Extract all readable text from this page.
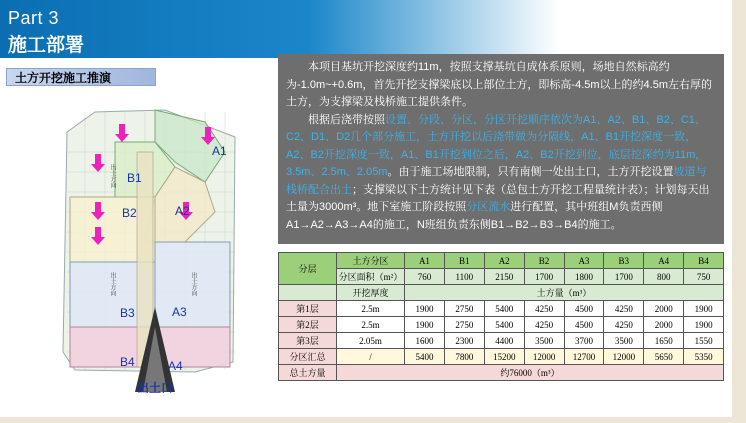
Part 3
施工部署
土方开挖施工推演
A1
A2
A3
A4
B1
B2
B3
B4
出土方向
出土方向	出土方向
出土口

本项目基坑开挖深度约11m，按照支撑基坑自成体系原则，场地自然标高约为-1.0m~+0.6m，首先开挖支撑梁底以上部位土方，即标高-4.5m以上的约4.5m左右厚的土方，为支撑梁及栈桥施工提供条件。

根据后浇带按照设置、分段、分区，分区开挖顺序依次为A1、A2、B1、B2、C1、C2、D1、D2几个部分施工，土方开挖以后浇带做为分隔线，A1、B1开挖深度一致，A2、B2开挖深度一致，A1、B1开挖到位之后，A2、B2开挖到位，底层挖深约为11m，3.5m、2.5m、2.05m。由于施工场地限制，只有南侧一处出土口，土方开挖设置坡道与栈桥配合出土；支撑梁以下土方统计见下表（总包土方开挖工程量统计表）；计划每天出土量为3000m³。地下室施工阶段按照分区流水进行配置，其中班组M负责西侧A1→A2→A3→A4的施工，N班组负责东侧B1→B2→B3→B4的施工。

分层	土方分区	A1	B1	A2	B2	A3	B3	A4	B4
	分区面积（m²）	760	1100	2150	1700	1800	1700	800	750
	开挖厚度	土方量（m³）							
第1层	2.5m	1900	2750	5400	4250	4500	4250	2000	1900
第2层	2.5m	1900	2750	5400	4250	4500	4250	2000	1900
第3层	2.05m	1600	2300	4400	3500	3700	3500	1650	1550
分区汇总	/	5400	7800	15200	12000	12700	12000	5650	5350
总土方量	约76000（m³）								
